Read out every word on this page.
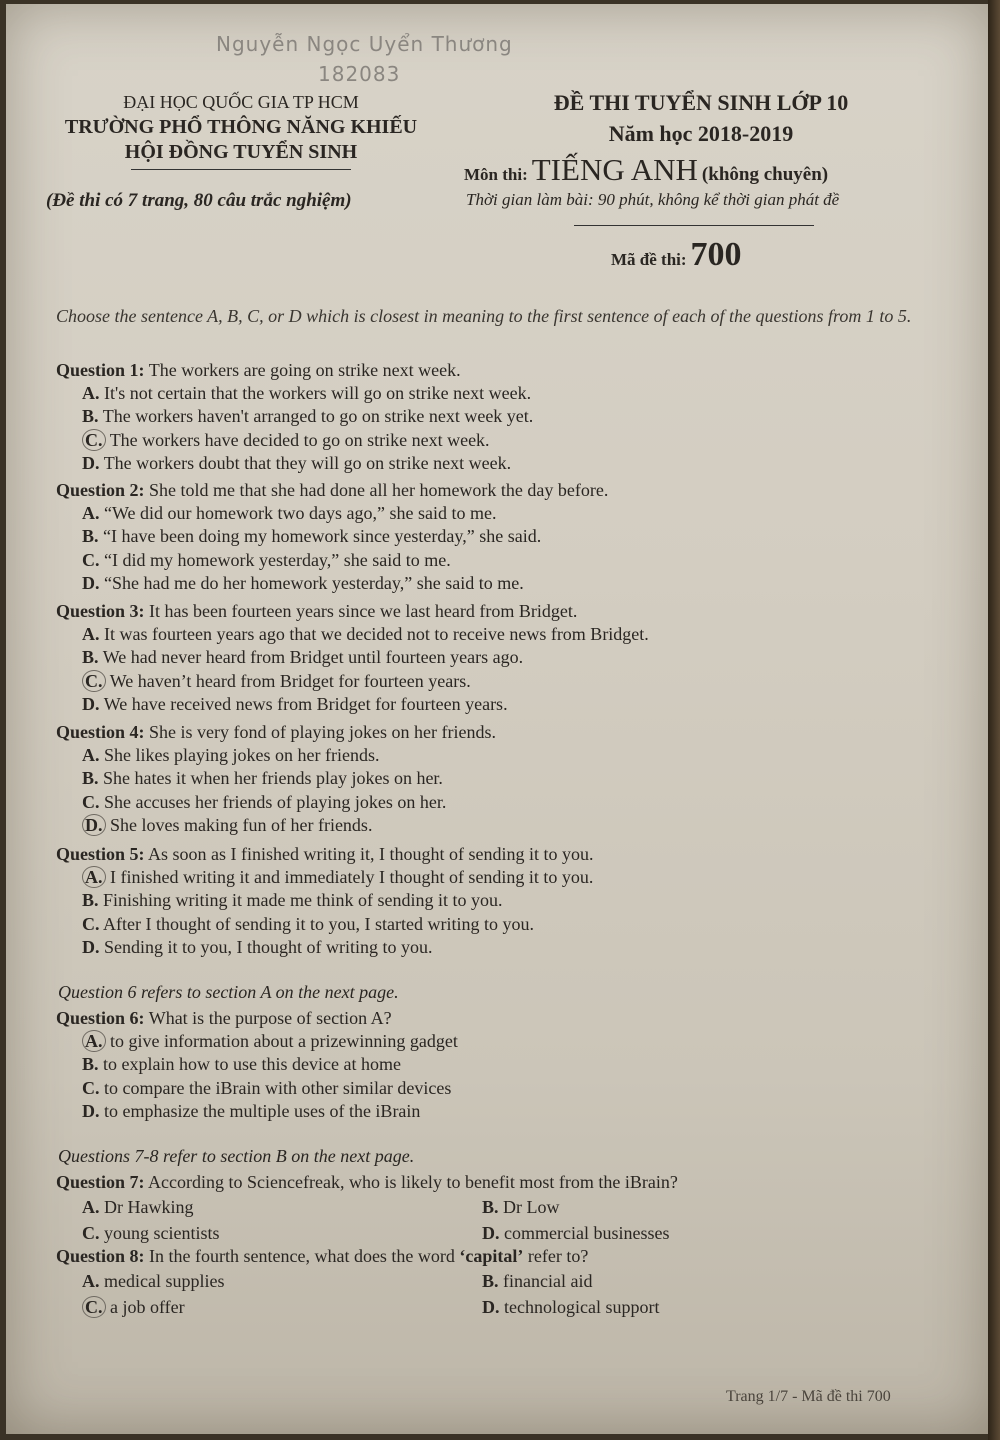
Nguyễn Ngọc Uyển Thương
182083
ĐẠI HỌC QUỐC GIA TP HCM
TRƯỜNG PHỔ THÔNG NĂNG KHIẾU
HỘI ĐỒNG TUYỂN SINH
(Đề thi có 7 trang, 80 câu trắc nghiệm)
ĐỀ THI TUYỂN SINH LỚP 10
Năm học 2018-2019
Môn thi: TIẾNG ANH (không chuyên)
Thời gian làm bài: 90 phút, không kể thời gian phát đề
Mã đề thi: 700
Choose the sentence A, B, C, or D which is closest in meaning to the first sentence of each of the questions from 1 to 5.
Question 1: The workers are going on strike next week.
A. It's not certain that the workers will go on strike next week.
B. The workers haven't arranged to go on strike next week yet.
C. The workers have decided to go on strike next week.
D. The workers doubt that they will go on strike next week.
Question 2: She told me that she had done all her homework the day before.
A. “We did our homework two days ago,” she said to me.
B. “I have been doing my homework since yesterday,” she said.
C. “I did my homework yesterday,” she said to me.
D. “She had me do her homework yesterday,” she said to me.
Question 3: It has been fourteen years since we last heard from Bridget.
A. It was fourteen years ago that we decided not to receive news from Bridget.
B. We had never heard from Bridget until fourteen years ago.
C. We haven’t heard from Bridget for fourteen years.
D. We have received news from Bridget for fourteen years.
Question 4: She is very fond of playing jokes on her friends.
A. She likes playing jokes on her friends.
B. She hates it when her friends play jokes on her.
C. She accuses her friends of playing jokes on her.
D. She loves making fun of her friends.
Question 5: As soon as I finished writing it, I thought of sending it to you.
A. I finished writing it and immediately I thought of sending it to you.
B. Finishing writing it made me think of sending it to you.
C. After I thought of sending it to you, I started writing to you.
D. Sending it to you, I thought of writing to you.
Question 6 refers to section A on the next page.
Question 6: What is the purpose of section A?
A. to give information about a prizewinning gadget
B. to explain how to use this device at home
C. to compare the iBrain with other similar devices
D. to emphasize the multiple uses of the iBrain
Questions 7-8 refer to section B on the next page.
Question 7: According to Sciencefreak, who is likely to benefit most from the iBrain?
A. Dr Hawking	B. Dr Low
C. young scientists	D. commercial businesses
Question 8: In the fourth sentence, what does the word ‘capital’ refer to?
A. medical supplies	B. financial aid
C. a job offer	D. technological support
Trang 1/7 - Mã đề thi 700
